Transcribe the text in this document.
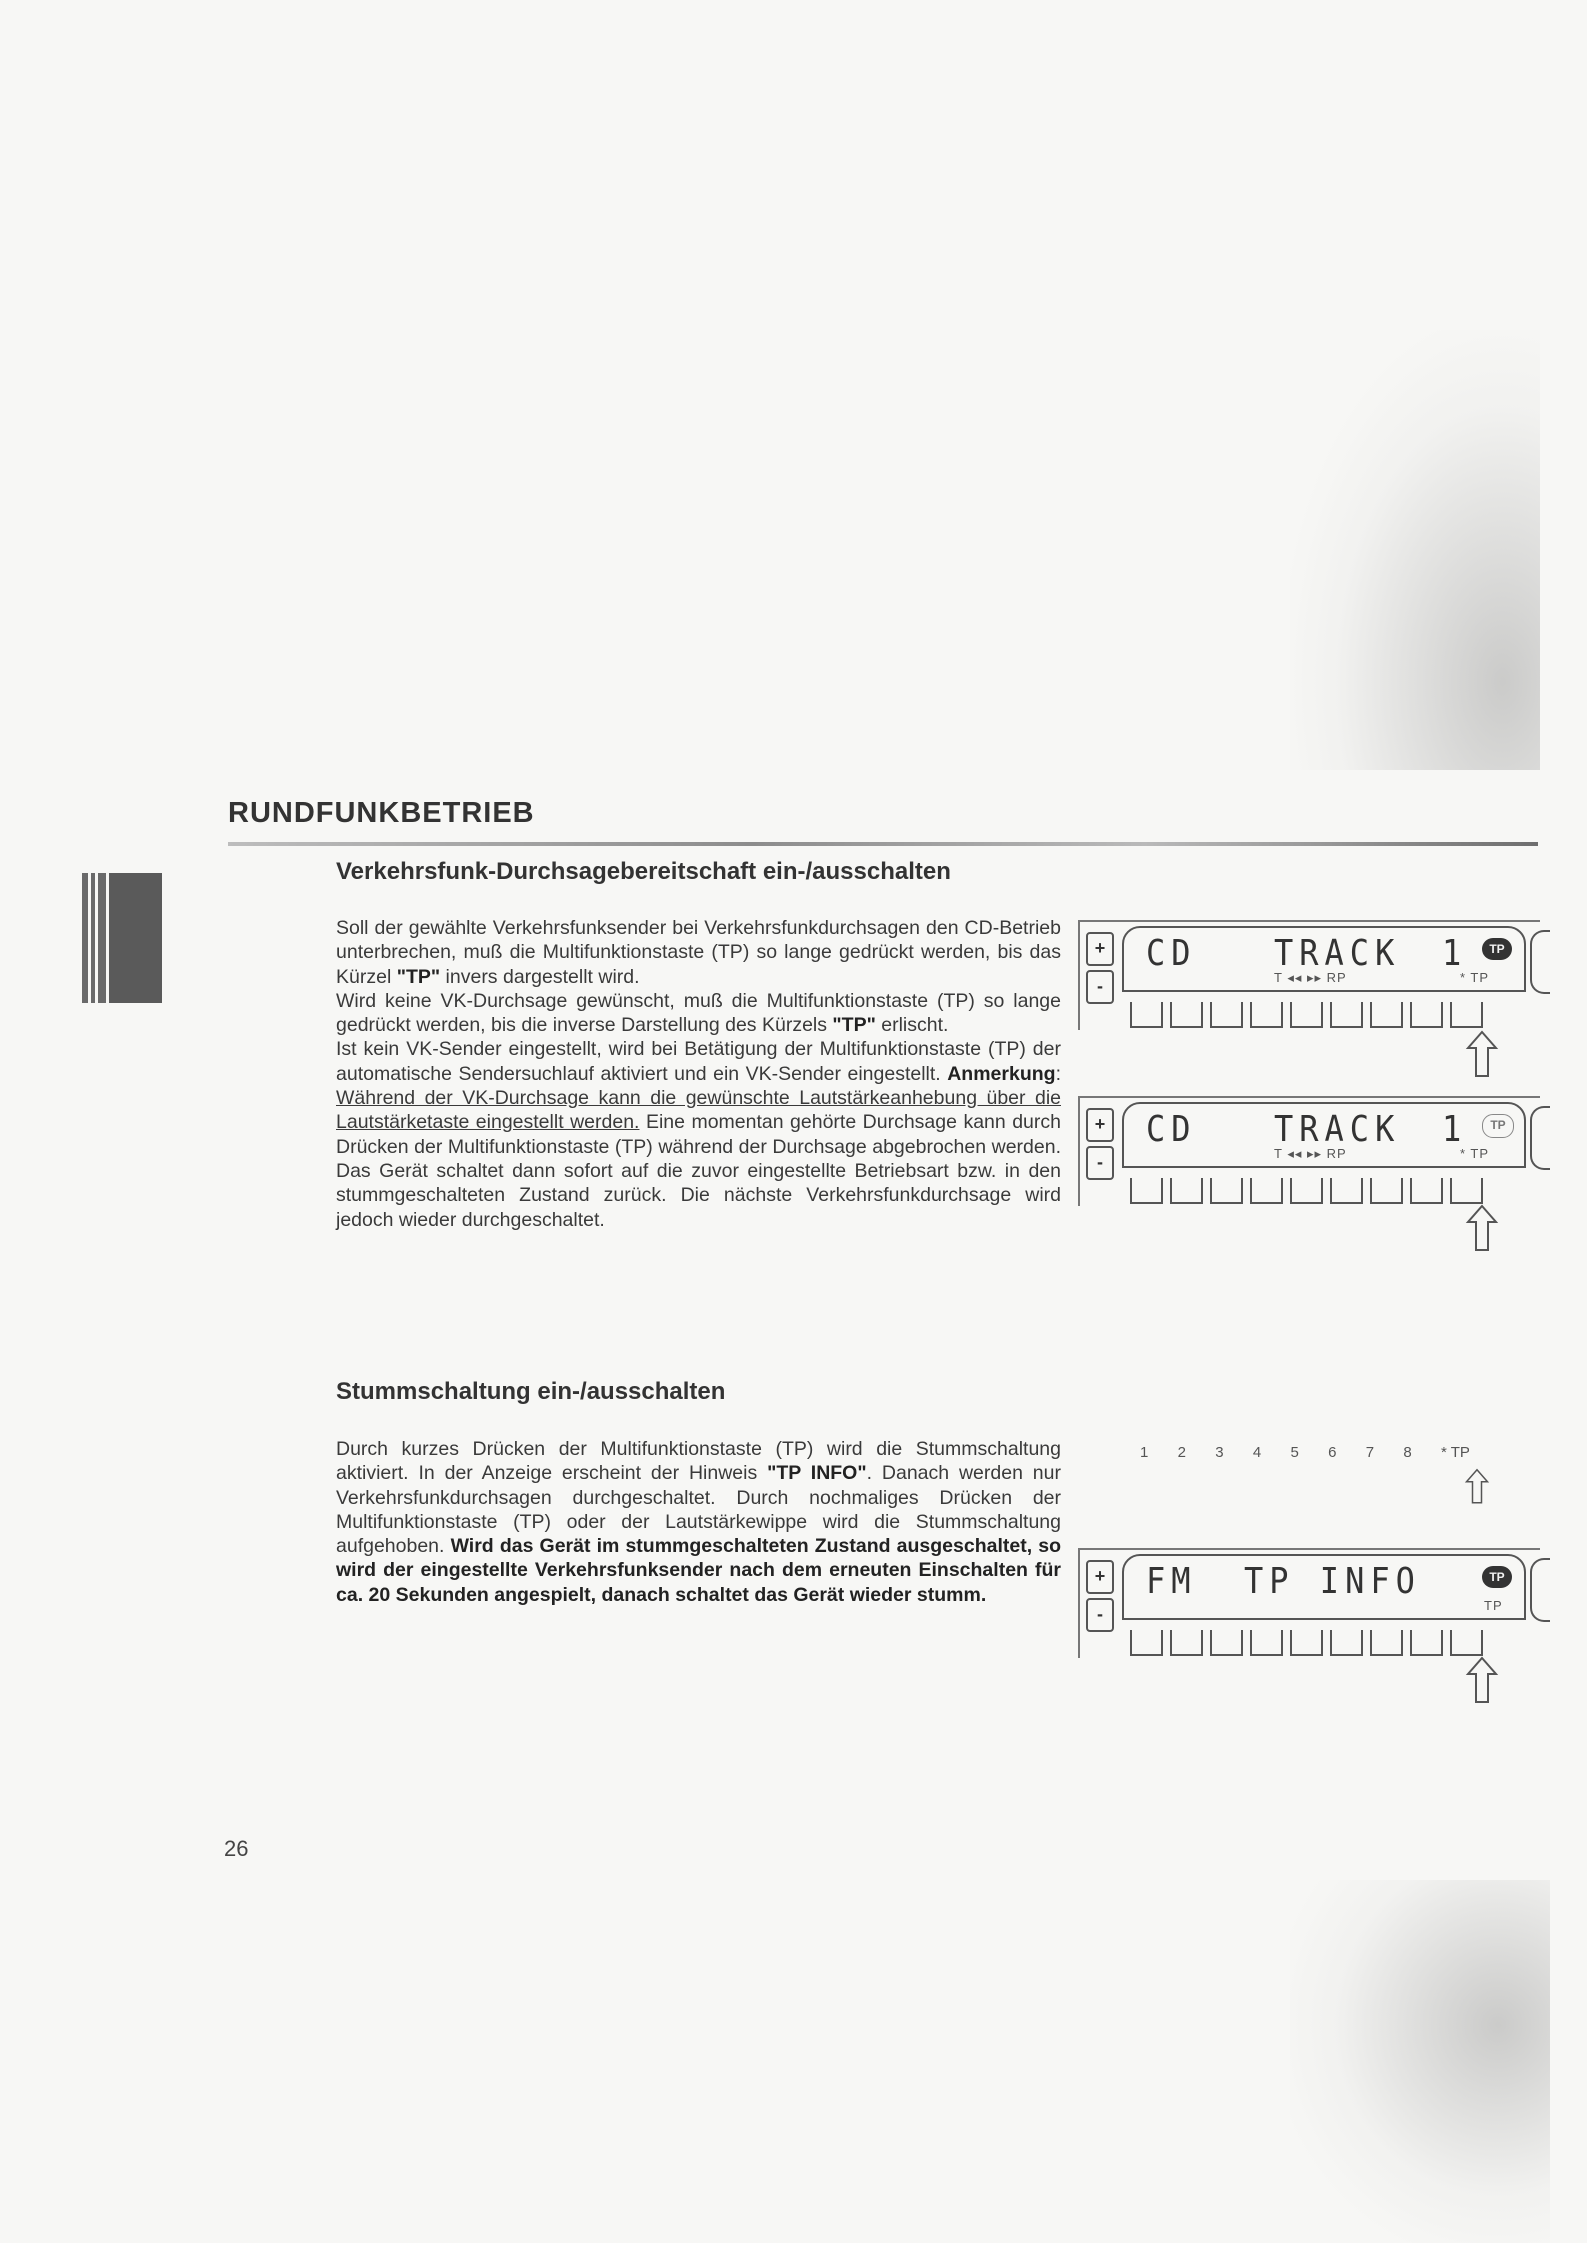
RUNDFUNKBETRIEB
Verkehrsfunk-Durchsagebereitschaft ein-/ausschalten

Soll der gewählte Verkehrsfunksender bei Verkehrsfunkdurchsagen den CD-Betrieb unterbrechen, muß die Multifunktionstaste (TP) so lange gedrückt werden, bis das Kürzel "TP" invers dargestellt wird.
Wird keine VK-Durchsage gewünscht, muß die Multifunktionstaste (TP) so lange gedrückt werden, bis die inverse Darstellung des Kürzels "TP" erlischt.
Ist kein VK-Sender eingestellt, wird bei Betätigung der Multifunktionstaste (TP) der automatische Sendersuchlauf aktiviert und ein VK-Sender eingestellt. Anmerkung: Während der VK-Durchsage kann die gewünschte Lautstärkeanhebung über die Lautstärketaste eingestellt werden. Eine momentan gehörte Durchsage kann durch Drücken der Multifunktionstaste (TP) während der Durchsage abgebrochen werden. Das Gerät schaltet dann sofort auf die zuvor eingestellte Betriebsart bzw. in den stummgeschalteten Zustand zurück. Die nächste Verkehrsfunkdurchsage wird jedoch wieder durchgeschaltet.

Stummschaltung ein-/ausschalten

Durch kurzes Drücken der Multifunktionstaste (TP) wird die Stummschaltung aktiviert. In der Anzeige erscheint der Hinweis "TP INFO". Danach werden nur Verkehrsfunkdurchsagen durchgeschaltet. Durch nochmaliges Drücken der Multifunktionstaste (TP) oder der Lautstärkewippe wird die Stummschaltung aufgehoben. Wird das Gerät im stummgeschalteten Zustand ausgeschaltet, so wird der eingestellte Verkehrsfunksender nach dem erneuten Einschalten für ca. 20 Sekunden angespielt, danach schaltet das Gerät wieder stumm.

26

+
-
CD TRACK 1	TP
T ◂◂ ▸▸ RP	* TP
+
-
CD TRACK 1	TP
T ◂◂ ▸▸ RP	* TP
1 2 3 4 5 6 7 8 * TP
+
-
FM TP INFO	TP
TP
